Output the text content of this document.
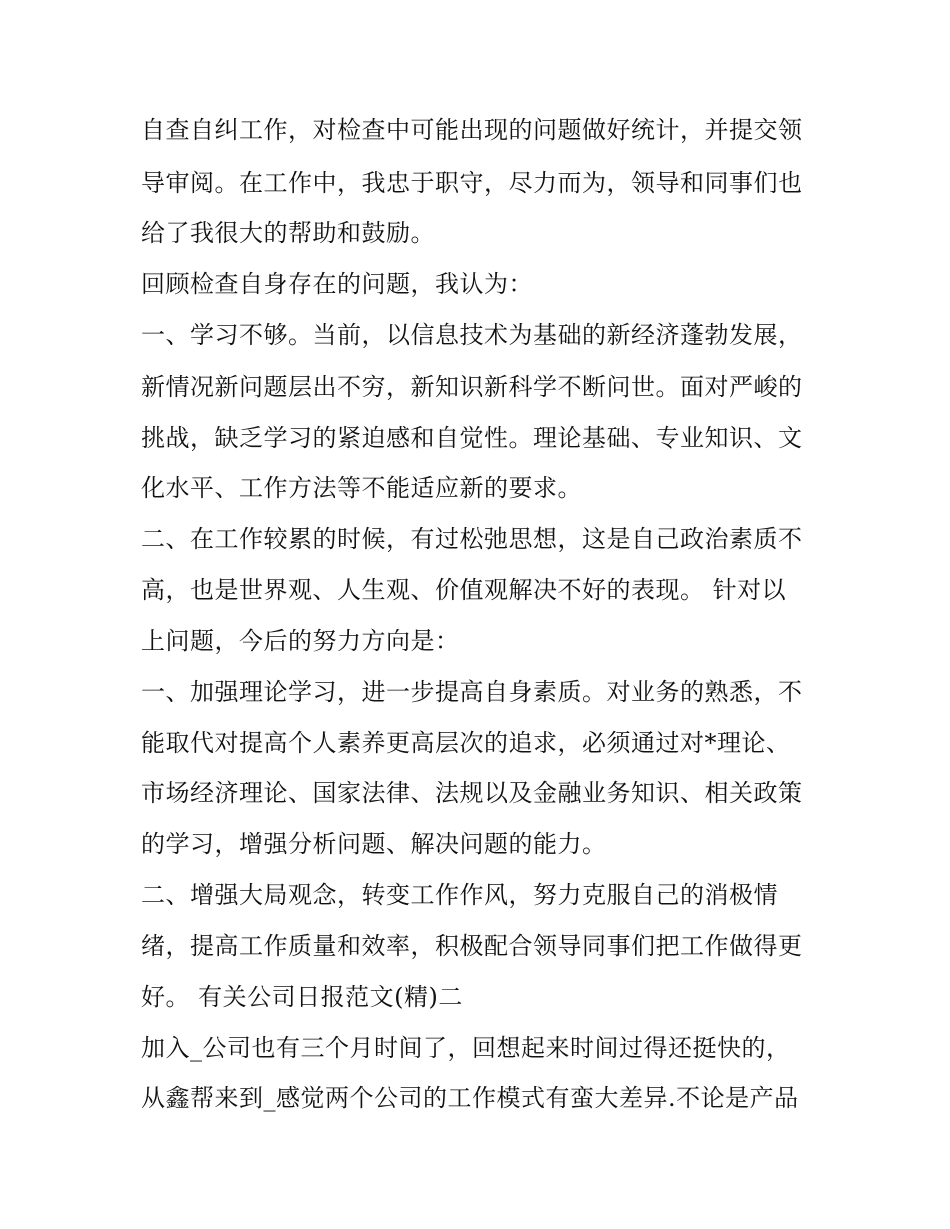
自查自纠工作，对检查中可能出现的问题做好统计，并提交领
导审阅。在工作中，我忠于职守，尽力而为，领导和同事们也
给了我很大的帮助和鼓励。
回顾检查自身存在的问题，我认为：
一、学习不够。当前，以信息技术为基础的新经济蓬勃发展，
新情况新问题层出不穷，新知识新科学不断问世。面对严峻的
挑战，缺乏学习的紧迫感和自觉性。理论基础、专业知识、文
化水平、工作方法等不能适应新的要求。
二、在工作较累的时候，有过松弛思想，这是自己政治素质不
高，也是世界观、人生观、价值观解决不好的表现。 针对以
上问题，今后的努力方向是：
一、加强理论学习，进一步提高自身素质。对业务的熟悉，不
能取代对提高个人素养更高层次的追求，必须通过对*理论、
市场经济理论、国家法律、法规以及金融业务知识、相关政策
的学习，增强分析问题、解决问题的能力。
二、增强大局观念，转变工作作风，努力克服自己的消极情
绪，提高工作质量和效率，积极配合领导同事们把工作做得更
好。 有关公司日报范文(精)二
加入_公司也有三个月时间了，回想起来时间过得还挺快的，
从鑫帮来到_感觉两个公司的工作模式有蛮大差异.不论是产品
